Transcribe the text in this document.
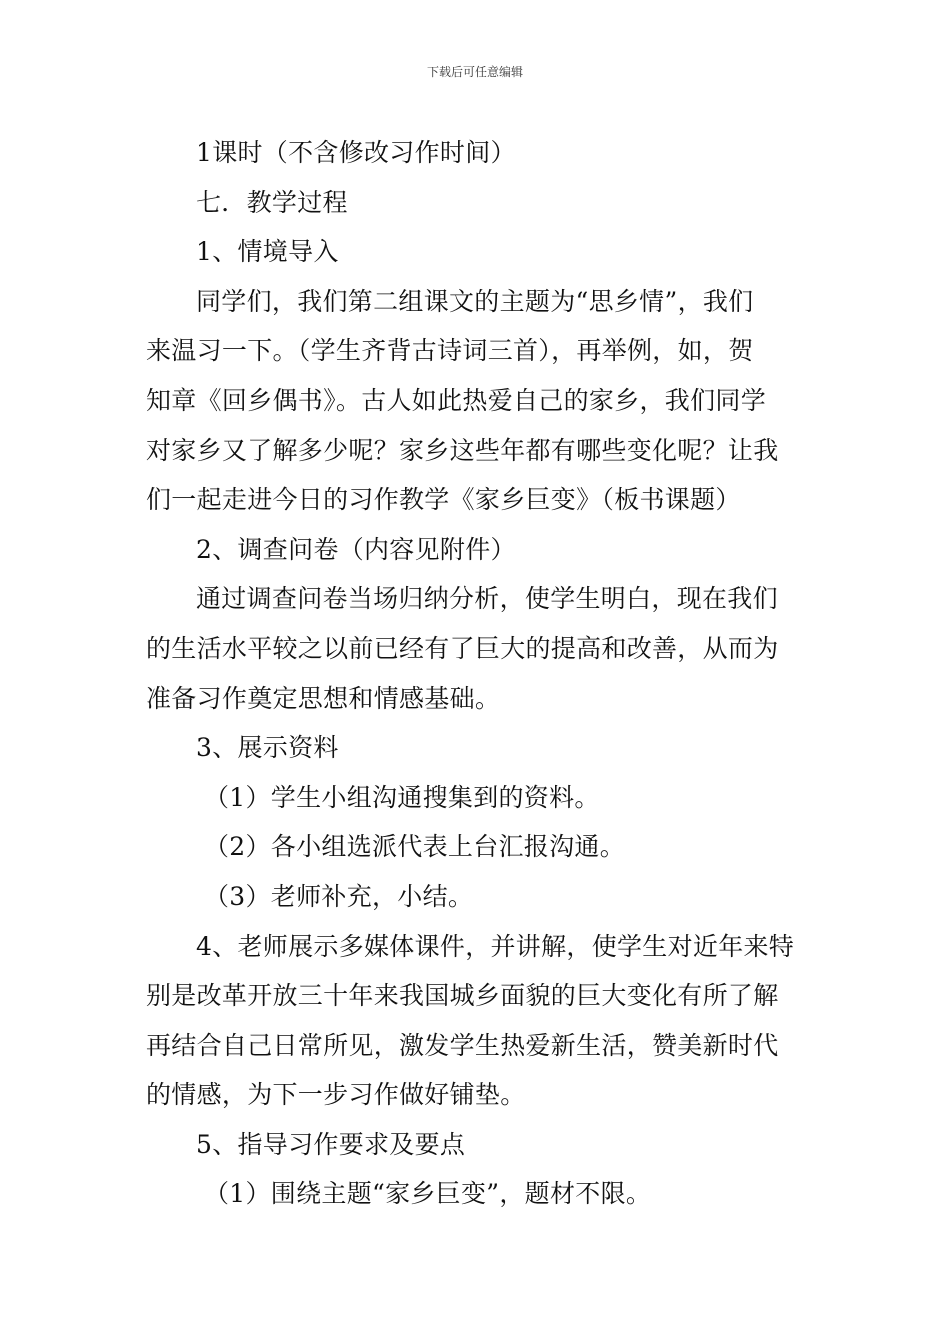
下载后可任意编辑
1课时（不含修改习作时间）
七．教学过程
1、情境导入
同学们，我们第二组课文的主题为“思乡情”，我们
来温习一下。（学生齐背古诗词三首），再举例，如，贺
知章《回乡偶书》。古人如此热爱自己的家乡，我们同学
对家乡又了解多少呢？家乡这些年都有哪些变化呢？让我
们一起走进今日的习作教学《家乡巨变》（板书课题）
2、调查问卷（内容见附件）
通过调查问卷当场归纳分析，使学生明白，现在我们
的生活水平较之以前已经有了巨大的提高和改善，从而为
准备习作奠定思想和情感基础。
3、展示资料
（1）学生小组沟通搜集到的资料。
（2）各小组选派代表上台汇报沟通。
（3）老师补充，小结。
4、老师展示多媒体课件，并讲解，使学生对近年来特
别是改革开放三十年来我国城乡面貌的巨大变化有所了解
再结合自己日常所见，激发学生热爱新生活，赞美新时代
的情感，为下一步习作做好铺垫。
5、指导习作要求及要点
（1）围绕主题“家乡巨变”，题材不限。
